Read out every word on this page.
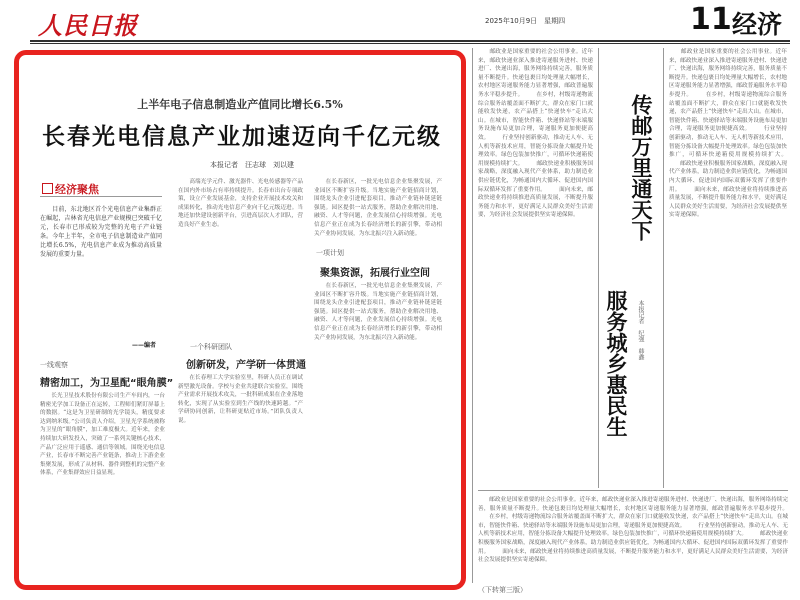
人民日报	2025年10月9日　星期四	11 经济
上半年电子信息制造业产值同比增长6.5%
长春光电信息产业加速迈向千亿元级
本报记者　汪志球　刘以建
经济聚焦
　　目前，东北地区首个光电信息产业集群正在崛起，吉林省光电信息产业规模已突破千亿元，长春市已形成较为完整的光电子产业链条。今年上半年，全市电子信息制造业产值同比增长6.5%，光电信息产业成为推动高质量发展的重要力量。
——编者
一线观察
精密加工，为卫星配“眼角膜”
　　长光卫星技术股份有限公司生产车间内，一台精密光学加工设备正在运转，工程师们紧盯屏幕上的数据。“这是为卫星研制的光学镜头，精度要求达到纳米级。”公司负责人介绍，卫星光学系统被称为卫星的“眼角膜”，加工难度极大。近年来，企业持续加大研发投入，突破了一系列关键核心技术，产品广泛应用于遥感、通信等领域。围绕光电信息产业，长春市不断完善产业链条，推动上下游企业集聚发展，形成了从材料、器件到整机的完整产业体系，产业集群效应日益显现。
　　高端光学元件、激光器件、光电传感器等产品在国内外市场占有率持续提升。长春市出台专项政策，设立产业发展基金，支持企业开展技术攻关和成果转化，推动光电信息产业向千亿元级迈进。当地还加快建设创新平台，引进高层次人才团队，营造良好产业生态。
一个科研团队
创新研发，产学研一体贯通
　　在长春理工大学实验室里，科研人员正在调试新型激光设备。学校与企业共建联合实验室，围绕产业需求开展技术攻关，一批科研成果在企业落地转化，实现了从实验室到生产线的快速跨越。“产学研协同创新，让科研更贴近市场。”团队负责人说。
一项计划
聚集资源，拓展行业空间
　　在长春新区，一批光电信息企业集聚发展，产业园区不断扩容升级。当地实施产业链招商计划，围绕龙头企业引进配套项目，推动产业链补链延链强链。园区提供一站式服务，帮助企业解决用地、融资、人才等问题，企业发展信心持续增强。光电信息产业正在成为长春经济增长的新引擎，带动相关产业协同发展，为东北振兴注入新动能。
　　在长春新区，一批光电信息企业集聚发展，产业园区不断扩容升级。当地实施产业链招商计划，围绕龙头企业引进配套项目，推动产业链补链延链强链。园区提供一站式服务，帮助企业解决用地、融资、人才等问题，企业发展信心持续增强。光电信息产业正在成为长春经济增长的新引擎，带动相关产业协同发展，为东北振兴注入新动能。
　　邮政业是国家重要的社会公用事业。近年来，邮政快递业深入推进寄递服务进村、快递进厂、快递出海，服务网络持续完善，服务质量不断提升。快递包裹日均处理量大幅增长，农村地区寄递服务能力显著增强，邮政普遍服务水平稳步提升。 　　在乡村，村级寄递物流综合服务站覆盖面不断扩大，群众在家门口就能收发快递，农产品搭上“快递快车”走出大山。在城市，智能快件箱、快递驿站等末端服务设施布局更加合理，寄递服务更加便捷高效。 　　行业坚持创新驱动，推动无人车、无人机等新技术应用，智能分拣设备大幅提升处理效率。绿色包装加快推广，可循环快递箱使用规模持续扩大。 　　邮政快递业积极服务国家战略，深度融入现代产业体系，助力制造业供应链优化，为畅通国内大循环、促进国内国际双循环发挥了重要作用。 　　面向未来，邮政快递业将持续推进高质量发展，不断提升服务能力和水平，更好满足人民群众美好生活需要，为经济社会发展提供坚实寄递保障。	传邮万里通天下
服务城乡惠民生 本报记者　纪强　韩鑫
　　邮政业是国家重要的社会公用事业。近年来，邮政快递业深入推进寄递服务进村、快递进厂、快递出海，服务网络持续完善，服务质量不断提升。快递包裹日均处理量大幅增长，农村地区寄递服务能力显著增强，邮政普遍服务水平稳步提升。 　　在乡村，村级寄递物流综合服务站覆盖面不断扩大，群众在家门口就能收发快递，农产品搭上“快递快车”走出大山。在城市，智能快件箱、快递驿站等末端服务设施布局更加合理，寄递服务更加便捷高效。 　　行业坚持创新驱动，推动无人车、无人机等新技术应用，智能分拣设备大幅提升处理效率。绿色包装加快推广，可循环快递箱使用规模持续扩大。 　　邮政快递业积极服务国家战略，深度融入现代产业体系，助力制造业供应链优化，为畅通国内大循环、促进国内国际双循环发挥了重要作用。 　　面向未来，邮政快递业将持续推进高质量发展，不断提升服务能力和水平，更好满足人民群众美好生活需要，为经济社会发展提供坚实寄递保障。
　　邮政业是国家重要的社会公用事业。近年来，邮政快递业深入推进寄递服务进村、快递进厂、快递出海，服务网络持续完善，服务质量不断提升。快递包裹日均处理量大幅增长，农村地区寄递服务能力显著增强，邮政普遍服务水平稳步提升。 　　在乡村，村级寄递物流综合服务站覆盖面不断扩大，群众在家门口就能收发快递，农产品搭上“快递快车”走出大山。在城市，智能快件箱、快递驿站等末端服务设施布局更加合理，寄递服务更加便捷高效。 　　行业坚持创新驱动，推动无人车、无人机等新技术应用，智能分拣设备大幅提升处理效率。绿色包装加快推广，可循环快递箱使用规模持续扩大。 　　邮政快递业积极服务国家战略，深度融入现代产业体系，助力制造业供应链优化，为畅通国内大循环、促进国内国际双循环发挥了重要作用。 　　面向未来，邮政快递业将持续推进高质量发展，不断提升服务能力和水平，更好满足人民群众美好生活需要，为经济社会发展提供坚实寄递保障。
（下转第三版）
